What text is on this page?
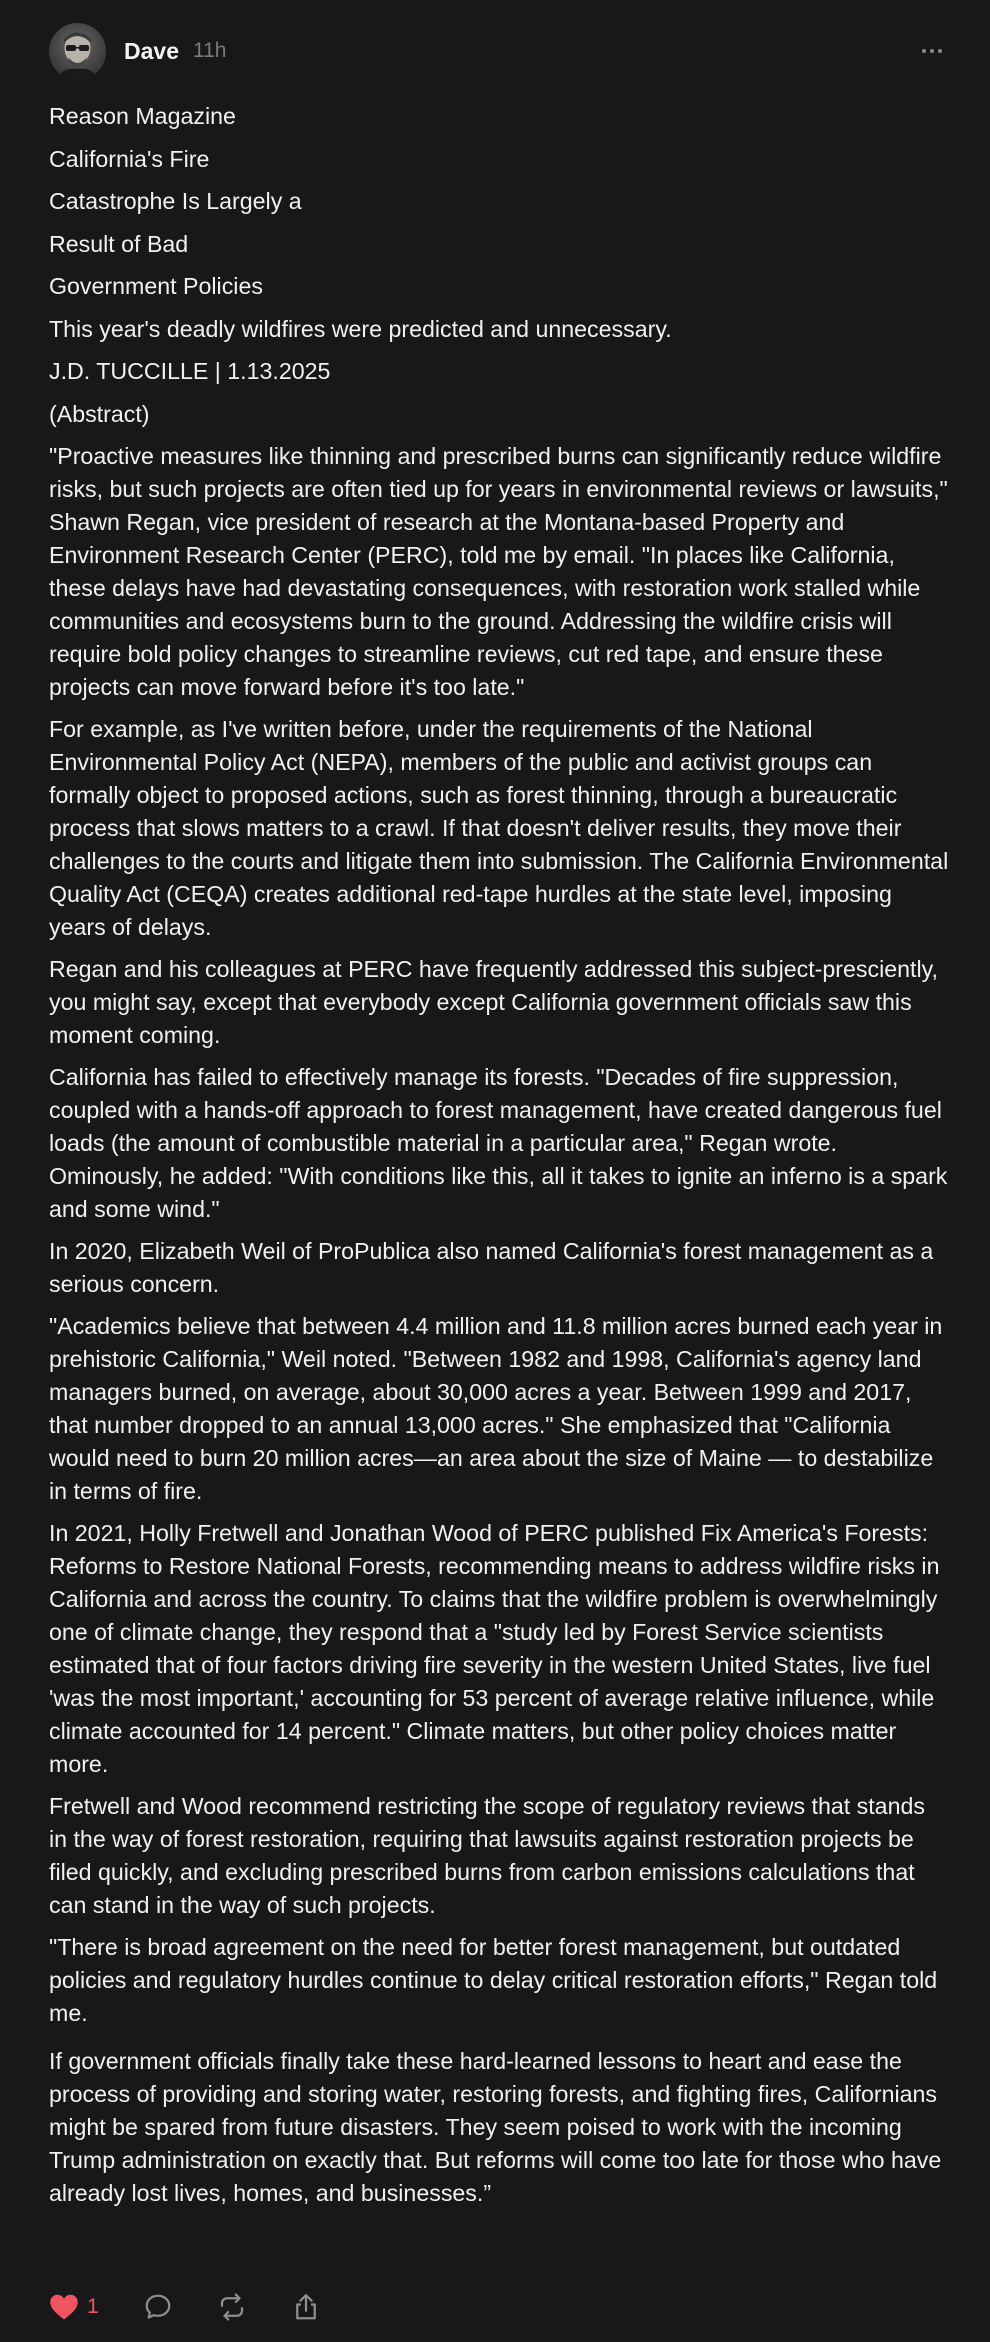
Dave 11h

Reason Magazine

California's Fire

Catastrophe Is Largely a

Result of Bad

Government Policies

This year's deadly wildfires were predicted and unnecessary.

J.D. TUCCILLE | 1.13.2025

(Abstract)

"Proactive measures like thinning and prescribed burns can significantly reduce wildfire risks, but such projects are often tied up for years in environmental reviews or lawsuits," Shawn Regan, vice president of research at the Montana-based Property and Environment Research Center (PERC), told me by email. "In places like California, these delays have had devastating consequences, with restoration work stalled while communities and ecosystems burn to the ground. Addressing the wildfire crisis will require bold policy changes to streamline reviews, cut red tape, and ensure these projects can move forward before it's too late."

For example, as I've written before, under the requirements of the National Environmental Policy Act (NEPA), members of the public and activist groups can formally object to proposed actions, such as forest thinning, through a bureaucratic process that slows matters to a crawl. If that doesn't deliver results, they move their challenges to the courts and litigate them into submission. The California Environmental Quality Act (CEQA) creates additional red-tape hurdles at the state level, imposing years of delays.

Regan and his colleagues at PERC have frequently addressed this subject-presciently, you might say, except that everybody except California government officials saw this moment coming.

California has failed to effectively manage its forests. "Decades of fire suppression, coupled with a hands-off approach to forest management, have created dangerous fuel loads (the amount of combustible material in a particular area," Regan wrote. Ominously, he added: "With conditions like this, all it takes to ignite an inferno is a spark and some wind."

In 2020, Elizabeth Weil of ProPublica also named California's forest management as a serious concern.

"Academics believe that between 4.4 million and 11.8 million acres burned each year in prehistoric California," Weil noted. "Between 1982 and 1998, California's agency land managers burned, on average, about 30,000 acres a year. Between 1999 and 2017, that number dropped to an annual 13,000 acres." She emphasized that "California would need to burn 20 million acres—an area about the size of Maine — to destabilize in terms of fire.

In 2021, Holly Fretwell and Jonathan Wood of PERC published Fix America's Forests: Reforms to Restore National Forests, recommending means to address wildfire risks in California and across the country. To claims that the wildfire problem is overwhelmingly one of climate change, they respond that a "study led by Forest Service scientists estimated that of four factors driving fire severity in the western United States, live fuel 'was the most important,' accounting for 53 percent of average relative influence, while climate accounted for 14 percent." Climate matters, but other policy choices matter more.

Fretwell and Wood recommend restricting the scope of regulatory reviews that stands in the way of forest restoration, requiring that lawsuits against restoration projects be filed quickly, and excluding prescribed burns from carbon emissions calculations that can stand in the way of such projects.

"There is broad agreement on the need for better forest management, but outdated policies and regulatory hurdles continue to delay critical restoration efforts," Regan told me.

If government officials finally take these hard-learned lessons to heart and ease the process of providing and storing water, restoring forests, and fighting fires, Californians might be spared from future disasters. They seem poised to work with the incoming Trump administration on exactly that. But reforms will come too late for those who have already lost lives, homes, and businesses.”

1
